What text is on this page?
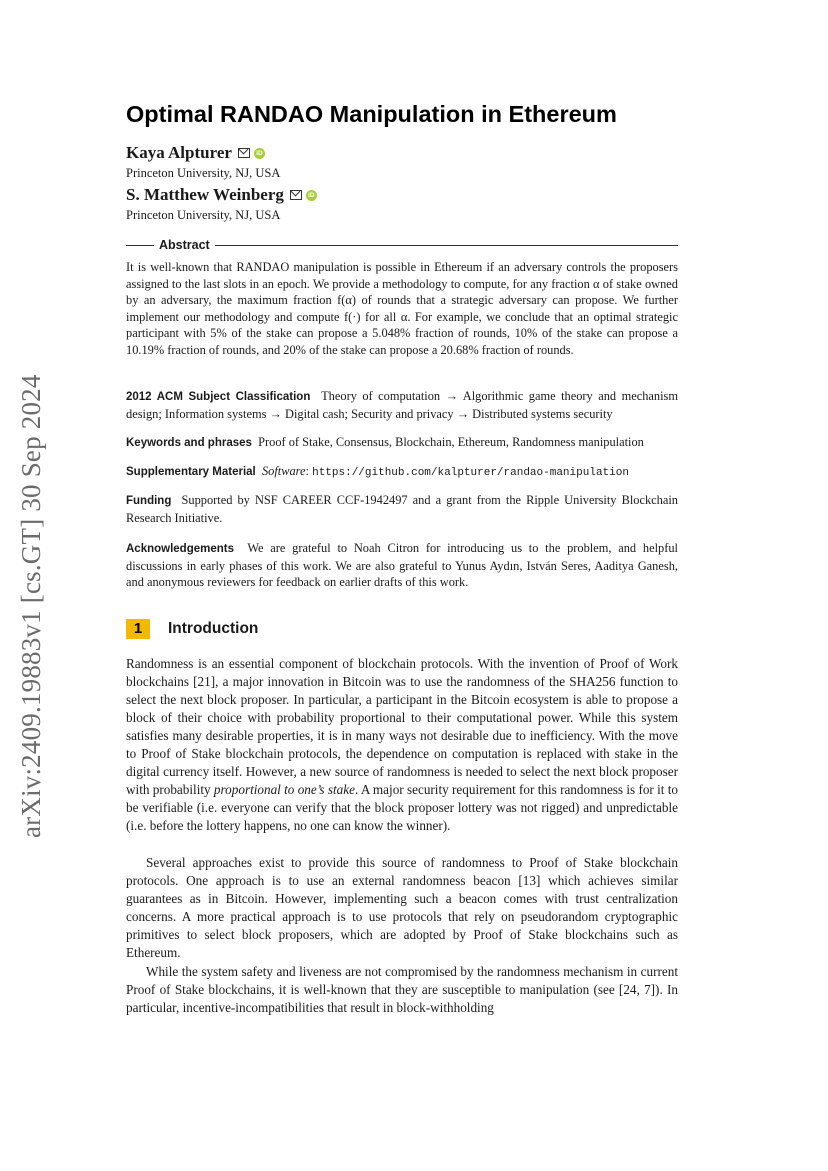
arXiv:2409.19883v1 [cs.GT] 30 Sep 2024
Optimal RANDAO Manipulation in Ethereum
Kaya Alpturer	iD
Princeton University, NJ, USA
S. Matthew Weinberg	iD
Princeton University, NJ, USA
Abstract

It is well-known that RANDAO manipulation is possible in Ethereum if an adversary controls the proposers assigned to the last slots in an epoch. We provide a methodology to compute, for any fraction α of stake owned by an adversary, the maximum fraction f(α) of rounds that a strategic adversary can propose. We further implement our methodology and compute f(·) for all α. For example, we conclude that an optimal strategic participant with 5% of the stake can propose a 5.048% fraction of rounds, 10% of the stake can propose a 10.19% fraction of rounds, and 20% of the stake can propose a 20.68% fraction of rounds.

2012 ACM Subject Classification Theory of computation → Algorithmic game theory and mechanism design; Information systems → Digital cash; Security and privacy → Distributed systems security

Keywords and phrases Proof of Stake, Consensus, Blockchain, Ethereum, Randomness manipulation

Supplementary Material Software: https://github.com/kalpturer/randao-manipulation

Funding Supported by NSF CAREER CCF-1942497 and a grant from the Ripple University Blockchain Research Initiative.

Acknowledgements We are grateful to Noah Citron for introducing us to the problem, and helpful discussions in early phases of this work. We are also grateful to Yunus Aydın, István Seres, Aaditya Ganesh, and anonymous reviewers for feedback on earlier drafts of this work.

1	Introduction

Randomness is an essential component of blockchain protocols. With the invention of Proof of Work blockchains [21], a major innovation in Bitcoin was to use the randomness of the SHA256 function to select the next block proposer. In particular, a participant in the Bitcoin ecosystem is able to propose a block of their choice with probability proportional to their computational power. While this system satisfies many desirable properties, it is in many ways not desirable due to inefficiency. With the move to Proof of Stake blockchain protocols, the dependence on computation is replaced with stake in the digital currency itself. However, a new source of randomness is needed to select the next block proposer with probability proportional to one’s stake. A major security requirement for this randomness is for it to be verifiable (i.e. everyone can verify that the block proposer lottery was not rigged) and unpredictable (i.e. before the lottery happens, no one can know the winner).

Several approaches exist to provide this source of randomness to Proof of Stake blockchain protocols. One approach is to use an external randomness beacon [13] which achieves similar guarantees as in Bitcoin. However, implementing such a beacon comes with trust centralization concerns. A more practical approach is to use protocols that rely on pseudorandom cryptographic primitives to select block proposers, which are adopted by Proof of Stake blockchains such as Ethereum.

While the system safety and liveness are not compromised by the randomness mechanism in current Proof of Stake blockchains, it is well-known that they are susceptible to manipulation (see [24, 7]). In particular, incentive-incompatibilities that result in block-withholding
